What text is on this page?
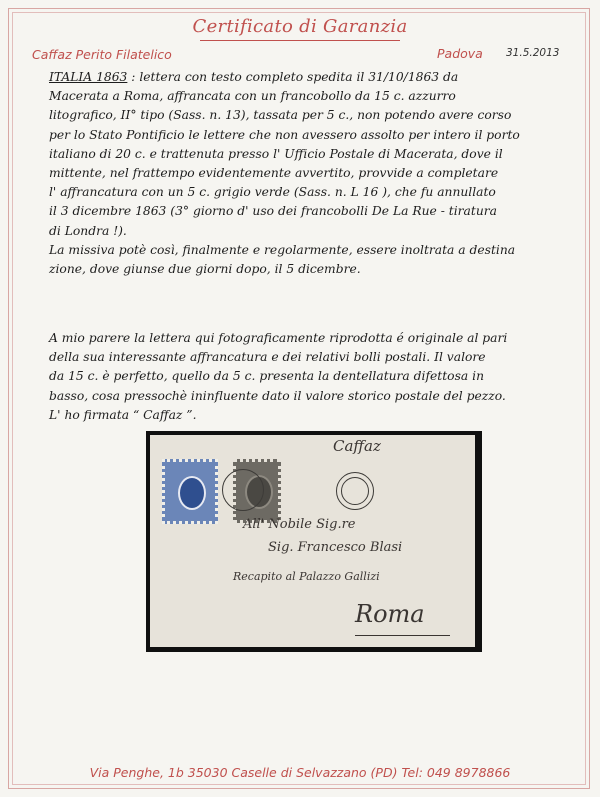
Certificato di Garanzia
Caffaz Perito Filatelico	Padova 31.5.2013
ITALIA 1863 : lettera con testo completo spedita il 31/10/1863 da
Macerata a Roma, affrancata con un francobollo da 15 c. azzurro
litografico, II° tipo (Sass. n. 13), tassata per 5 c., non potendo avere corso
per lo Stato Pontificio le lettere che non avessero assolto per intero il porto
italiano di 20 c. e trattenuta presso l' Ufficio Postale di Macerata, dove il
mittente, nel frattempo evidentemente avvertito, provvide a completare
l' affrancatura con un 5 c. grigio verde (Sass. n. L 16 ), che fu annullato
il 3 dicembre 1863 (3° giorno d' uso dei francobolli De La Rue - tiratura
di Londra !).
La missiva potè così, finalmente e regolarmente, essere inoltrata a destina
zione, dove giunse due giorni dopo, il 5 dicembre.
A mio parere la lettera qui fotograficamente riprodotta é originale al pari
della sua interessante affrancatura e dei relativi bolli postali. Il valore
da 15 c. è perfetto, quello da 5 c. presenta la dentellatura difettosa in
basso, cosa pressochè ininfluente dato il valore storico postale del pezzo.
L' ho firmata “ Caffaz ”.
Caffaz
All' Nobile Sig.re
Sig. Francesco Blasi
Recapito al Palazzo Gallizi
Roma
Via Penghe, 1b 35030 Caselle di Selvazzano (PD) Tel: 049 8978866
